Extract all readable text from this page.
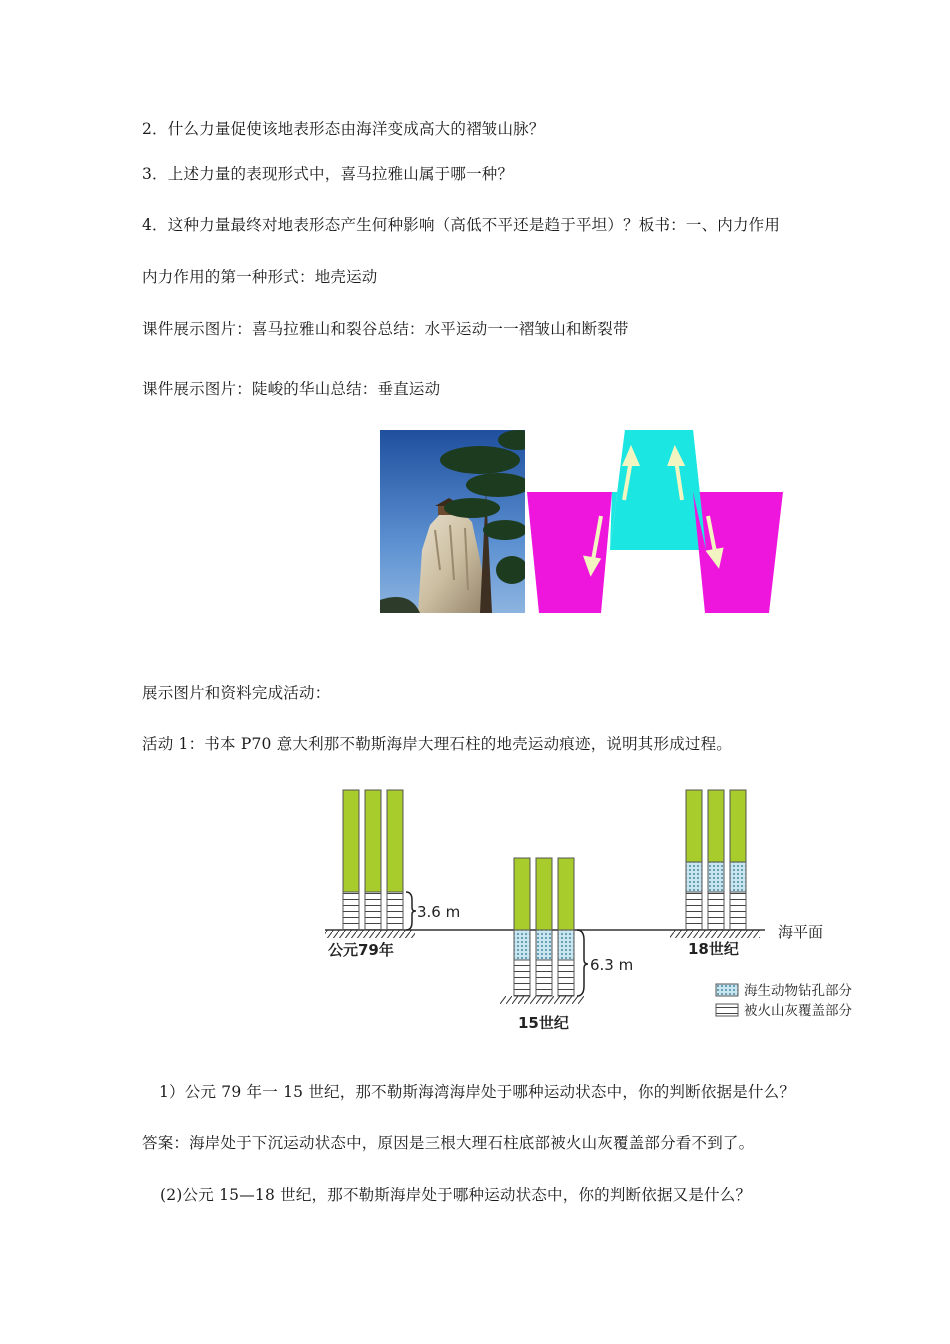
2．什么力量促使该地表形态由海洋变成高大的褶皱山脉？
3．上述力量的表现形式中，喜马拉雅山属于哪一种？
4．这种力量最终对地表形态产生何种影响（高低不平还是趋于平坦）？板书：一、内力作用
内力作用的第一种形式：地壳运动
课件展示图片：喜马拉雅山和裂谷总结：水平运动一一褶皱山和断裂带
课件展示图片：陡峻的华山总结：垂直运动
展示图片和资料完成活动：
活动 1：书本 P70 意大利那不勒斯海岸大理石柱的地壳运动痕迹，说明其形成过程。
3.6 m
公元79年
6.3 m
15世纪
18世纪
海平面
海生动物钻孔部分
被火山灰覆盖部分
1）公元 79 年一 15 世纪，那不勒斯海湾海岸处于哪种运动状态中，你的判断依据是什么？
答案：海岸处于下沉运动状态中，原因是三根大理石柱底部被火山灰覆盖部分看不到了。
(2)公元 15—18 世纪，那不勒斯海岸处于哪种运动状态中，你的判断依据又是什么？
